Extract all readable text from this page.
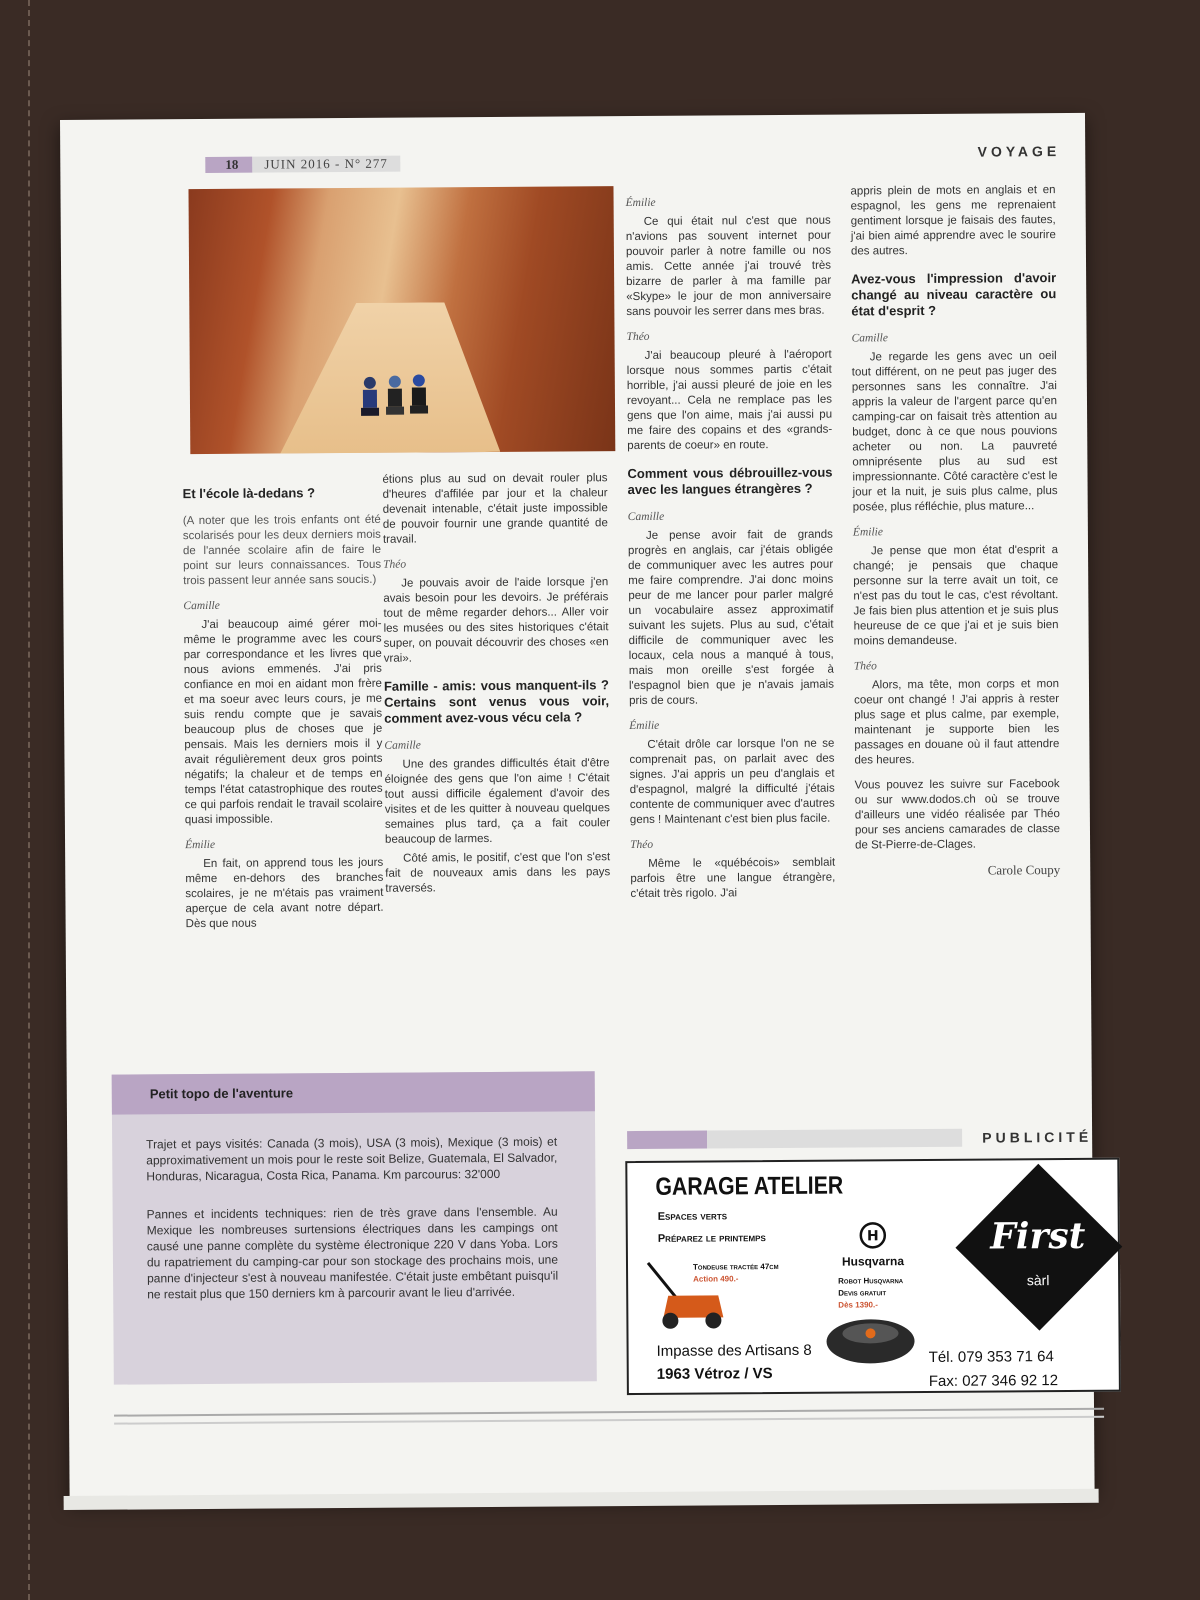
18 JUIN 2016 - N° 277
VOYAGE
Et l'école là-dedans ?

(A noter que les trois enfants ont été scolarisés pour les deux derniers mois de l'année scolaire afin de faire le point sur leurs connaissances. Tous trois passent leur année sans soucis.)

Camille

J'ai beaucoup aimé gérer moi-même le programme avec les cours par correspondance et les livres que nous avions emmenés. J'ai pris confiance en moi en aidant mon frère et ma soeur avec leurs cours, je me suis rendu compte que je savais beaucoup plus de choses que je pensais. Mais les derniers mois il y avait régulièrement deux gros points négatifs; la chaleur et de temps en temps l'état catastrophique des routes ce qui parfois rendait le travail scolaire quasi impossible.

Émilie

En fait, on apprend tous les jours même en-dehors des branches scolaires, je ne m'étais pas vraiment aperçue de cela avant notre départ. Dès que nous

étions plus au sud on devait rouler plus d'heures d'affilée par jour et la chaleur devenait intenable, c'était juste impossible de pouvoir fournir une grande quantité de travail.

Théo

Je pouvais avoir de l'aide lorsque j'en avais besoin pour les devoirs. Je préférais tout de même regarder dehors... Aller voir les musées ou des sites historiques c'était super, on pouvait découvrir des choses «en vrai».

Famille - amis: vous manquent-ils ? Certains sont venus vous voir, comment avez-vous vécu cela ?

Camille

Une des grandes difficultés était d'être éloignée des gens que l'on aime ! C'était tout aussi difficile également d'avoir des visites et de les quitter à nouveau quelques semaines plus tard, ça a fait couler beaucoup de larmes.

Côté amis, le positif, c'est que l'on s'est fait de nouveaux amis dans les pays traversés.

Émilie

Ce qui était nul c'est que nous n'avions pas souvent internet pour pouvoir parler à notre famille ou nos amis. Cette année j'ai trouvé très bizarre de parler à ma famille par «Skype» le jour de mon anniversaire sans pouvoir les serrer dans mes bras.

Théo

J'ai beaucoup pleuré à l'aéroport lorsque nous sommes partis c'était horrible, j'ai aussi pleuré de joie en les revoyant... Cela ne remplace pas les gens que l'on aime, mais j'ai aussi pu me faire des copains et des «grands-parents de coeur» en route.

Comment vous débrouillez-vous avec les langues étrangères ?

Camille

Je pense avoir fait de grands progrès en anglais, car j'étais obligée de communiquer avec les autres pour me faire comprendre. J'ai donc moins peur de me lancer pour parler malgré un vocabulaire assez approximatif suivant les sujets. Plus au sud, c'était difficile de communiquer avec les locaux, cela nous a manqué à tous, mais mon oreille s'est forgée à l'espagnol bien que je n'avais jamais pris de cours.

Émilie

C'était drôle car lorsque l'on ne se comprenait pas, on parlait avec des signes. J'ai appris un peu d'anglais et d'espagnol, malgré la difficulté j'étais contente de communiquer avec d'autres gens ! Maintenant c'est bien plus facile.

Théo

Même le «québécois» semblait parfois être une langue étrangère, c'était très rigolo. J'ai

appris plein de mots en anglais et en espagnol, les gens me reprenaient gentiment lorsque je faisais des fautes, j'ai bien aimé apprendre avec le sourire des autres.

Avez-vous l'impression d'avoir changé au niveau caractère ou état d'esprit ?

Camille

Je regarde les gens avec un oeil tout différent, on ne peut pas juger des personnes sans les connaître. J'ai appris la valeur de l'argent parce qu'en camping-car on faisait très attention au budget, donc à ce que nous pouvions acheter ou non. La pauvreté omniprésente plus au sud est impressionnante. Côté caractère c'est le jour et la nuit, je suis plus calme, plus posée, plus réfléchie, plus mature...

Émilie

Je pense que mon état d'esprit a changé; je pensais que chaque personne sur la terre avait un toit, ce n'est pas du tout le cas, c'est révoltant. Je fais bien plus attention et je suis plus heureuse de ce que j'ai et je suis bien moins demandeuse.

Théo

Alors, ma tête, mon corps et mon coeur ont changé ! J'ai appris à rester plus sage et plus calme, par exemple, maintenant je supporte bien les passages en douane où il faut attendre des heures.

Vous pouvez les suivre sur Facebook ou sur www.dodos.ch où se trouve d'ailleurs une vidéo réalisée par Théo pour ses anciens camarades de classe de St-Pierre-de-Clages.

Carole Coupy
Petit topo de l'aventure

Trajet et pays visités: Canada (3 mois), USA (3 mois), Mexique (3 mois) et approximativement un mois pour le reste soit Belize, Guatemala, El Salvador, Honduras, Nicaragua, Costa Rica, Panama. Km parcourus: 32'000

Pannes et incidents techniques: rien de très grave dans l'ensemble. Au Mexique les nombreuses surtensions électriques dans les campings ont causé une panne complète du système électronique 220 V dans Yoba. Lors du rapatriement du camping-car pour son stockage des prochains mois, une panne d'injecteur s'est à nouveau manifestée. C'était juste embêtant puisqu'il ne restait plus que 150 derniers km à parcourir avant le lieu d'arrivée.

PUBLICITÉ
GARAGE ATELIER
Espaces verts
Préparez le printemps
Tondeuse tractée 47cm
Action 490.-
H
Husqvarna
Robot Husqvarna
Devis gratuit
Dès 1390.-
First
sàrl
Impasse des Artisans 8
1963 Vétroz / VS
Tél. 079 353 71 64
Fax: 027 346 92 12
